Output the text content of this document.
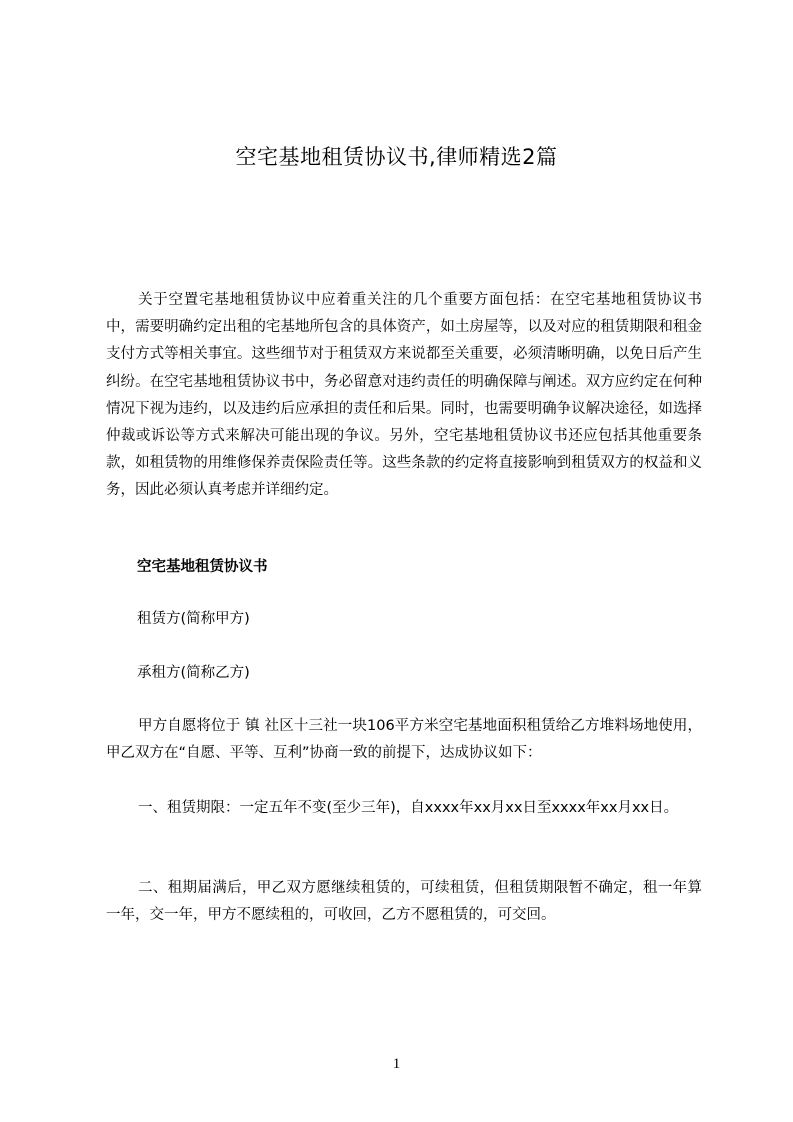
空宅基地租赁协议书,律师精选2篇

关于空置宅基地租赁协议中应着重关注的几个重要方面包括：在空宅基地租赁协议书中，需要明确约定出租的宅基地所包含的具体资产，如土房屋等，以及对应的租赁期限和租金支付方式等相关事宜。这些细节对于租赁双方来说都至关重要，必须清晰明确，以免日后产生纠纷。在空宅基地租赁协议书中，务必留意对违约责任的明确保障与阐述。双方应约定在何种情况下视为违约，以及违约后应承担的责任和后果。同时，也需要明确争议解决途径，如选择仲裁或诉讼等方式来解决可能出现的争议。另外，空宅基地租赁协议书还应包括其他重要条款，如租赁物的用维修保养责保险责任等。这些条款的约定将直接影响到租赁双方的权益和义务，因此必须认真考虑并详细约定。

空宅基地租赁协议书
租赁方(简称甲方)
承租方(简称乙方)

甲方自愿将位于 镇 社区十三社一块106平方米空宅基地面积租赁给乙方堆料场地使用，甲乙双方在“自愿、平等、互利”协商一致的前提下，达成协议如下：

一、租赁期限：一定五年不变(至少三年)，自xxxx年xx月xx日至xxxx年xx月xx日。

二、租期届满后，甲乙双方愿继续租赁的，可续租赁，但租赁期限暂不确定，租一年算一年，交一年，甲方不愿续租的，可收回，乙方不愿租赁的，可交回。

1
